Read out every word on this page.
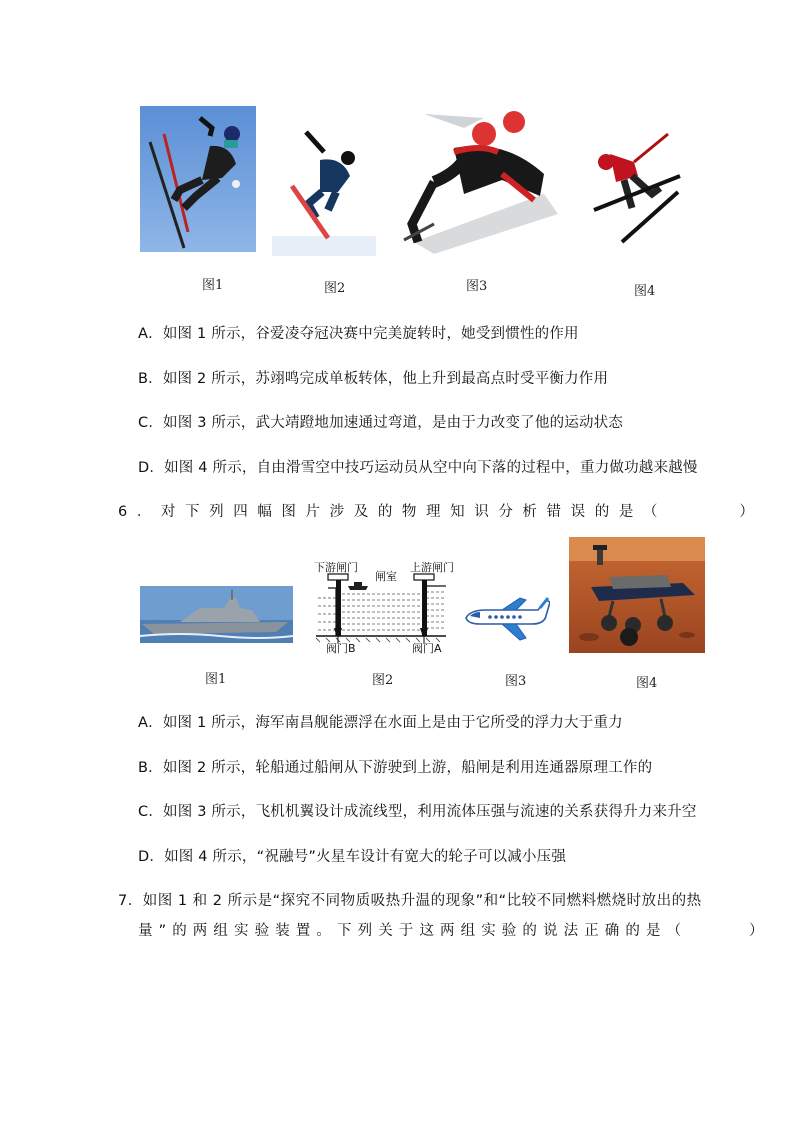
图1	图2	图3	图4
A．如图 1 所示，谷爱凌夺冠决赛中完美旋转时，她受到惯性的作用
B．如图 2 所示，苏翊鸣完成单板转体，他上升到最高点时受平衡力作用
C．如图 3 所示，武大靖蹬地加速通过弯道，是由于力改变了他的运动状态
D．如图 4 所示，自由滑雪空中技巧运动员从空中向下落的过程中，重力做功越来越慢
6．对下列四幅图片涉及的物理知识分析错误的是（　　　）
下游闸门	上游闸门
闸室
阀门B	阀门A
图1	图2	图3	图4
A．如图 1 所示，海军南昌舰能漂浮在水面上是由于它所受的浮力大于重力
B．如图 2 所示，轮船通过船闸从下游驶到上游，船闸是利用连通器原理工作的
C．如图 3 所示，飞机机翼设计成流线型，利用流体压强与流速的关系获得升力来升空
D．如图 4 所示，“祝融号”火星车设计有宽大的轮子可以减小压强
7．如图 1 和 2 所示是“探究不同物质吸热升温的现象”和“比较不同燃料燃烧时放出的热
量”的两组实验装置。下列关于这两组实验的说法正确的是（　　　）
